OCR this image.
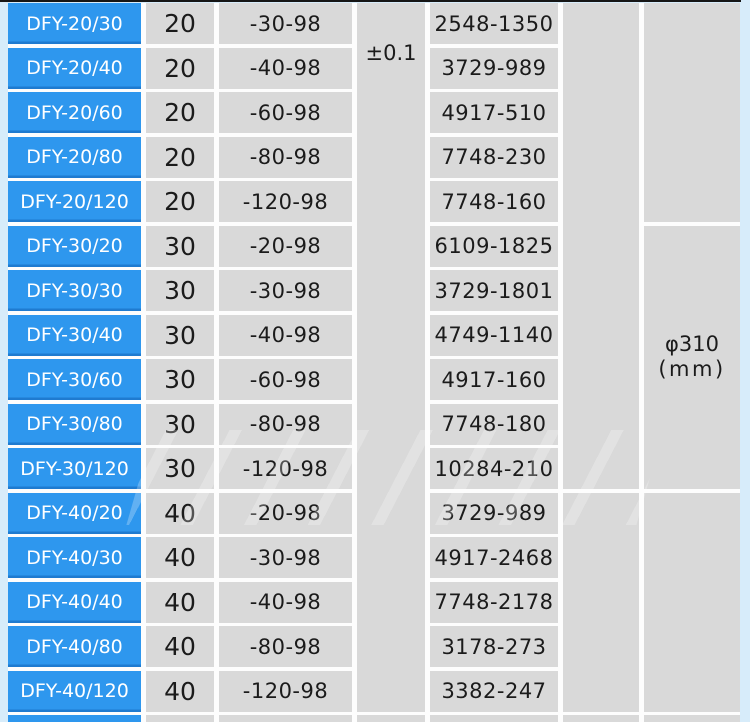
±0.1
φ310
(mm)
DFY-20/30	20	-30-98	2548-1350
DFY-20/40	20	-40-98	3729-989
DFY-20/60	20	-60-98	4917-510
DFY-20/80	20	-80-98	7748-230
DFY-20/120	20	-120-98	7748-160
DFY-30/20	30	-20-98	6109-1825
DFY-30/30	30	-30-98	3729-1801
DFY-30/40	30	-40-98	4749-1140
DFY-30/60	30	-60-98	4917-160
DFY-30/80	30	-80-98	7748-180
DFY-30/120	30	-120-98	10284-210
DFY-40/20	40	-20-98	3729-989
DFY-40/30	40	-30-98	4917-2468
DFY-40/40	40	-40-98	7748-2178
DFY-40/80	40	-80-98	3178-273
DFY-40/120	40	-120-98	3382-247
